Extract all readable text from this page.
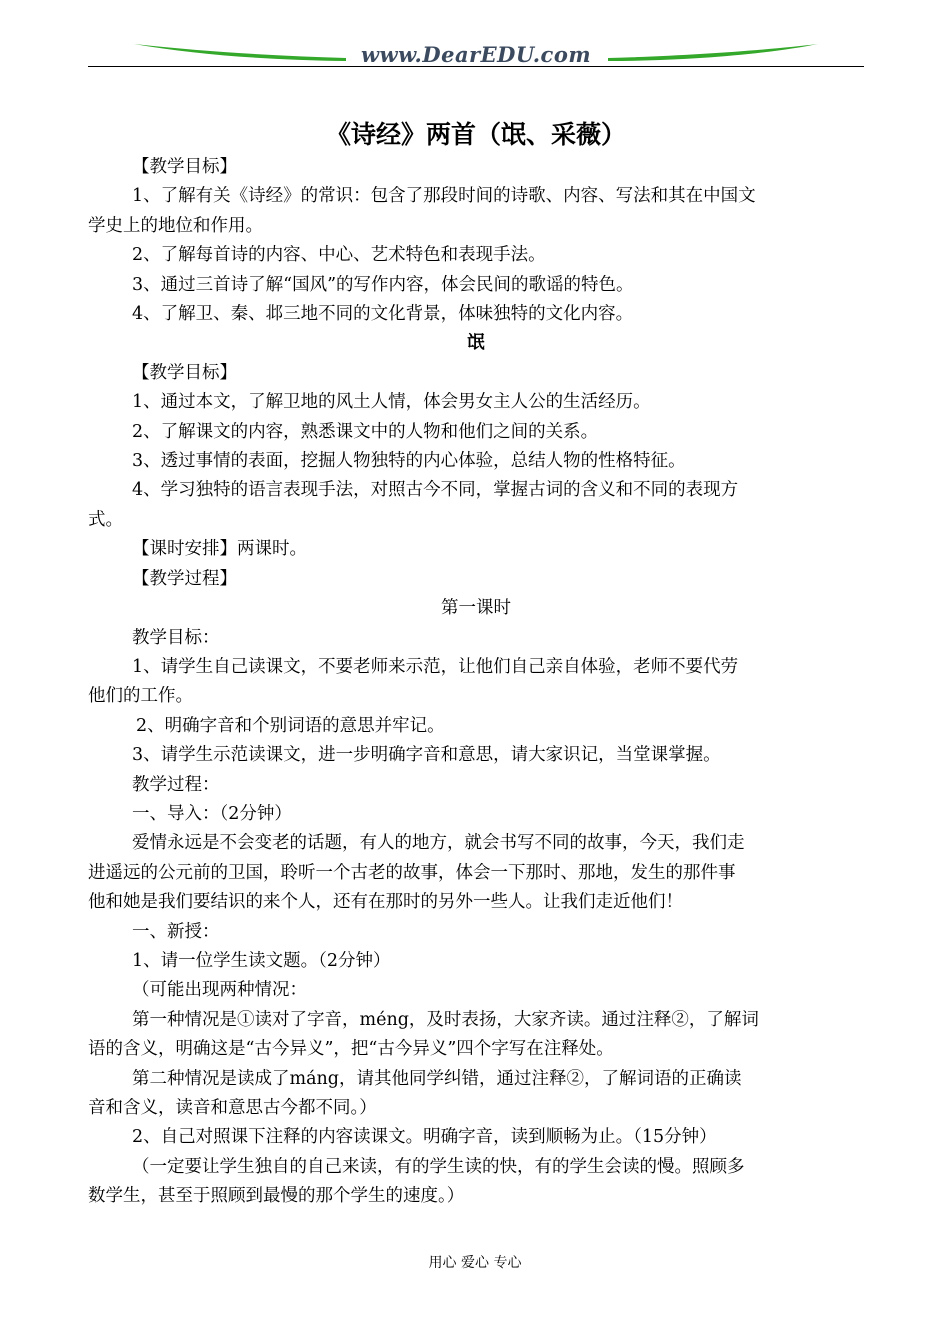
www.DearEDU.com
《诗经》两首（氓、采薇）
【教学目标】
1、了解有关《诗经》的常识：包含了那段时间的诗歌、内容、写法和其在中国文
学史上的地位和作用。
2、了解每首诗的内容、中心、艺术特色和表现手法。
3、通过三首诗了解“国风”的写作内容，体会民间的歌谣的特色。
4、了解卫、秦、邶三地不同的文化背景，体味独特的文化内容。
氓
【教学目标】
1、通过本文，了解卫地的风土人情，体会男女主人公的生活经历。
2、了解课文的内容，熟悉课文中的人物和他们之间的关系。
3、透过事情的表面，挖掘人物独特的内心体验，总结人物的性格特征。
4、学习独特的语言表现手法，对照古今不同，掌握古词的含义和不同的表现方
式。
【课时安排】两课时。
【教学过程】
第一课时
教学目标：
1、请学生自己读课文，不要老师来示范，让他们自己亲自体验，老师不要代劳
他们的工作。
2、明确字音和个别词语的意思并牢记。
3、请学生示范读课文，进一步明确字音和意思，请大家识记，当堂课掌握。
教学过程：
一、导入：（2分钟）
爱情永远是不会变老的话题，有人的地方，就会书写不同的故事，今天，我们走
进遥远的公元前的卫国，聆听一个古老的故事，体会一下那时、那地，发生的那件事
他和她是我们要结识的来个人，还有在那时的另外一些人。让我们走近他们！
一、新授：
1、请一位学生读文题。（2分钟）
（可能出现两种情况：
第一种情况是①读对了字音，méng，及时表扬，大家齐读。通过注释②，了解词
语的含义，明确这是“古今异义”，把“古今异义”四个字写在注释处。
第二种情况是读成了máng，请其他同学纠错，通过注释②，了解词语的正确读
音和含义，读音和意思古今都不同。）
2、自己对照课下注释的内容读课文。明确字音，读到顺畅为止。（15分钟）
（一定要让学生独自的自己来读，有的学生读的快，有的学生会读的慢。照顾多
数学生，甚至于照顾到最慢的那个学生的速度。）
用心 爱心 专心
